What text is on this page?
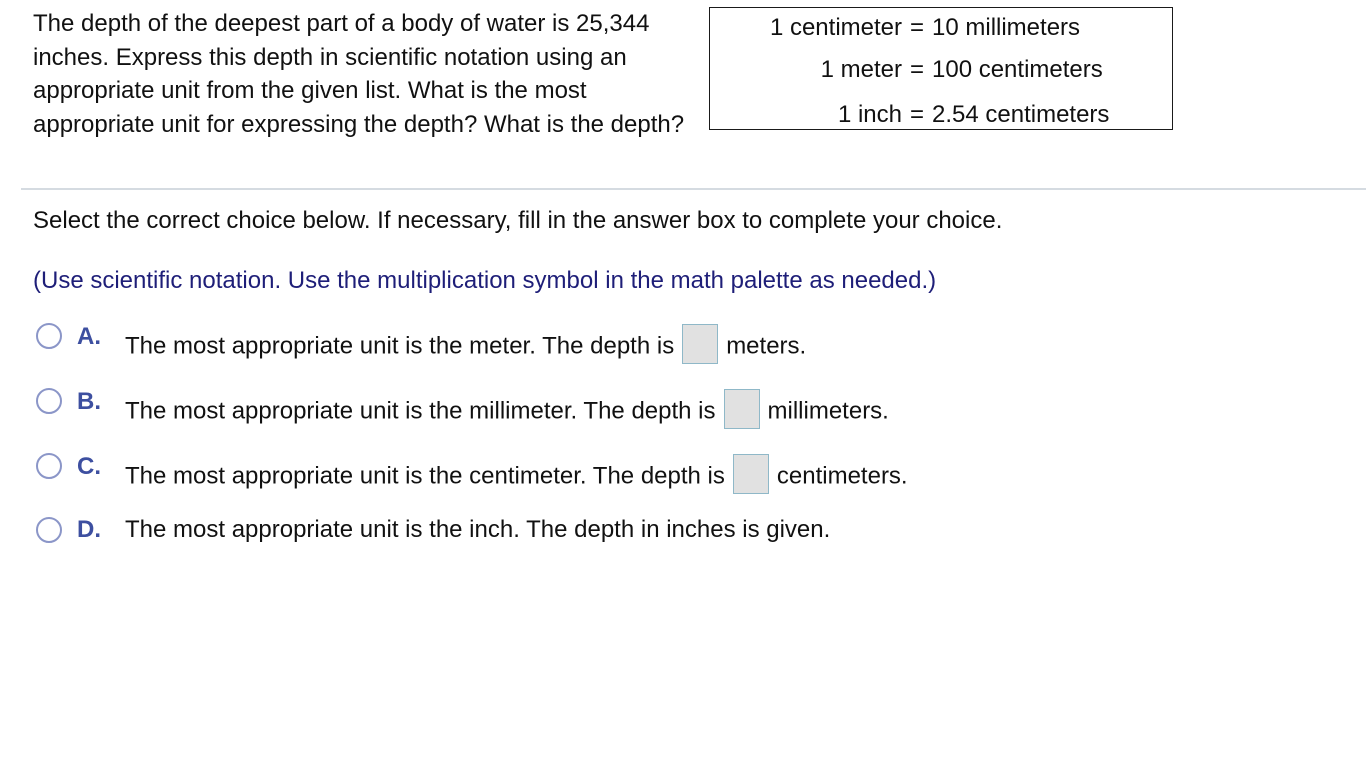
The depth of the deepest part of a body of water is 25,344 inches. Express this depth in scientific notation using an appropriate unit from the given list. What is the most appropriate unit for expressing the depth? What is the depth?

1 centimeter = 10 millimeters
1 meter = 100 centimeters
1 inch = 2.54 centimeters

Select the correct choice below. If necessary, fill in the answer box to complete your choice.

(Use scientific notation. Use the multiplication symbol in the math palette as needed.)

A. The most appropriate unit is the meter. The depth is meters.
B. The most appropriate unit is the millimeter. The depth is millimeters.
C. The most appropriate unit is the centimeter. The depth is centimeters.
D. The most appropriate unit is the inch. The depth in inches is given.
